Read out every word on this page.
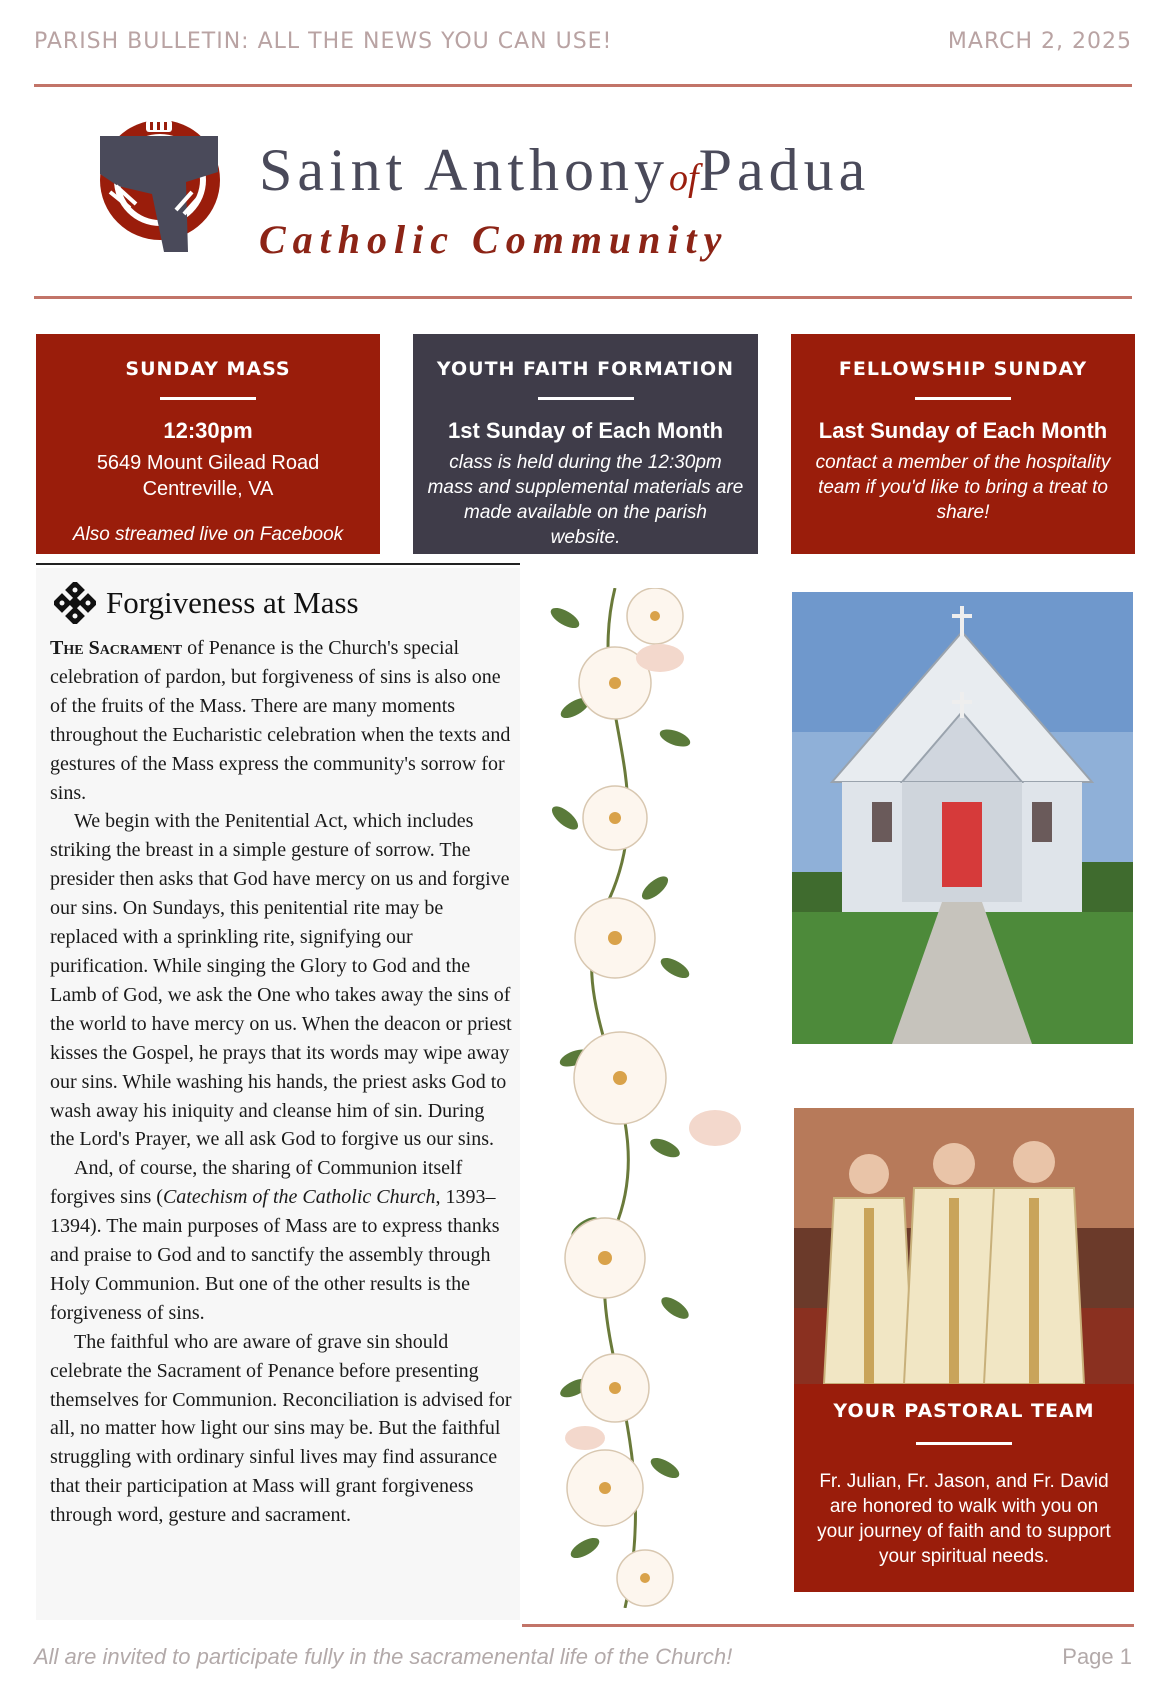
PARISH BULLETIN: ALL THE NEWS YOU CAN USE!	MARCH 2, 2025
Saint AnthonyofPadua
Catholic Community
SUNDAY MASS
12:30pm
5649 Mount Gilead Road
Centreville, VA
Also streamed live on Facebook
YOUTH FAITH FORMATION
1st Sunday of Each Month
class is held during the 12:30pm mass and supplemental materials are made available on the parish website.
FELLOWSHIP SUNDAY
Last Sunday of Each Month
contact a member of the hospitality team if you'd like to bring a treat to share!
Forgiveness at Mass

The Sacrament of Penance is the Church's special celebration of pardon, but forgiveness of sins is also one of the fruits of the Mass. There are many moments throughout the Eucharistic celebration when the texts and gestures of the Mass express the community's sorrow for sins.

We begin with the Penitential Act, which includes striking the breast in a simple gesture of sorrow. The presider then asks that God have mercy on us and forgive our sins. On Sundays, this penitential rite may be replaced with a sprinkling rite, signifying our purification. While singing the Glory to God and the Lamb of God, we ask the One who takes away the sins of the world to have mercy on us. When the deacon or priest kisses the Gospel, he prays that its words may wipe away our sins. While washing his hands, the priest asks God to wash away his iniquity and cleanse him of sin. During the Lord's Prayer, we all ask God to forgive us our sins.

And, of course, the sharing of Communion itself forgives sins (Catechism of the Catholic Church, 1393–1394). The main purposes of Mass are to express thanks and praise to God and to sanctify the assembly through Holy Communion. But one of the other results is the forgiveness of sins.

The faithful who are aware of grave sin should celebrate the Sacrament of Penance before presenting themselves for Communion. Reconciliation is advised for all, no matter how light our sins may be. But the faithful struggling with ordinary sinful lives may find assurance that their participation at Mass will grant forgiveness through word, gesture and sacrament.

YOUR PASTORAL TEAM
Fr. Julian, Fr. Jason, and Fr. David are honored to walk with you on your journey of faith and to support your spiritual needs.
All are invited to participate fully in the sacramenental life of the Church!	Page 1
